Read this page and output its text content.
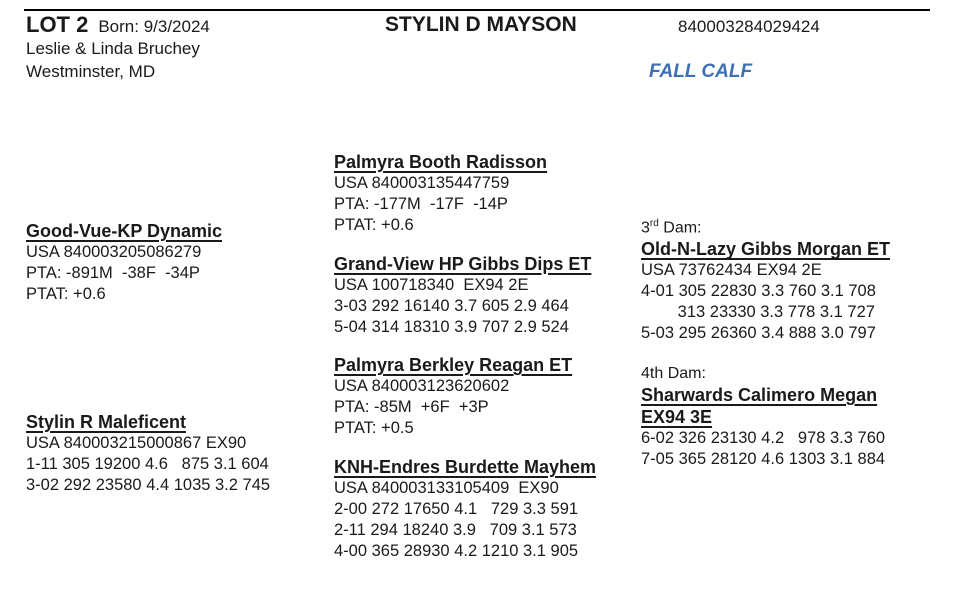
LOT 2 Born: 9/3/2024	STYLIN D MAYSON	840003284029424
Leslie & Linda Bruchey
Westminster, MD	FALL CALF
Good-Vue-KP Dynamic
USA 840003205086279
PTA: -891M  -38F  -34P
PTAT: +0.6
Palmyra Booth Radisson
USA 840003135447759
PTA: -177M  -17F  -14P
PTAT: +0.6
Grand-View HP Gibbs Dips ET
USA 100718340  EX94 2E
3-03 292 16140 3.7 605 2.9 464
5-04 314 18310 3.9 707 2.9 524
Stylin R Maleficent
USA 840003215000867 EX90
1-11 305 19200 4.6   875 3.1 604
3-02 292 23580 4.4 1035 3.2 745
Palmyra Berkley Reagan ET
USA 840003123620602
PTA: -85M  +6F  +3P
PTAT: +0.5
KNH-Endres Burdette Mayhem
USA 840003133105409  EX90
2-00 272 17650 4.1   729 3.3 591
2-11 294 18240 3.9   709 3.1 573
4-00 365 28930 4.2 1210 3.1 905
3rd Dam:
Old-N-Lazy Gibbs Morgan ET
USA 73762434 EX94 2E
4-01 305 22830 3.3 760 3.1 708
313 23330 3.3 778 3.1 727
5-03 295 26360 3.4 888 3.0 797
4th Dam:
Sharwards Calimero Megan
EX94 3E
6-02 326 23130 4.2   978 3.3 760
7-05 365 28120 4.6 1303 3.1 884
